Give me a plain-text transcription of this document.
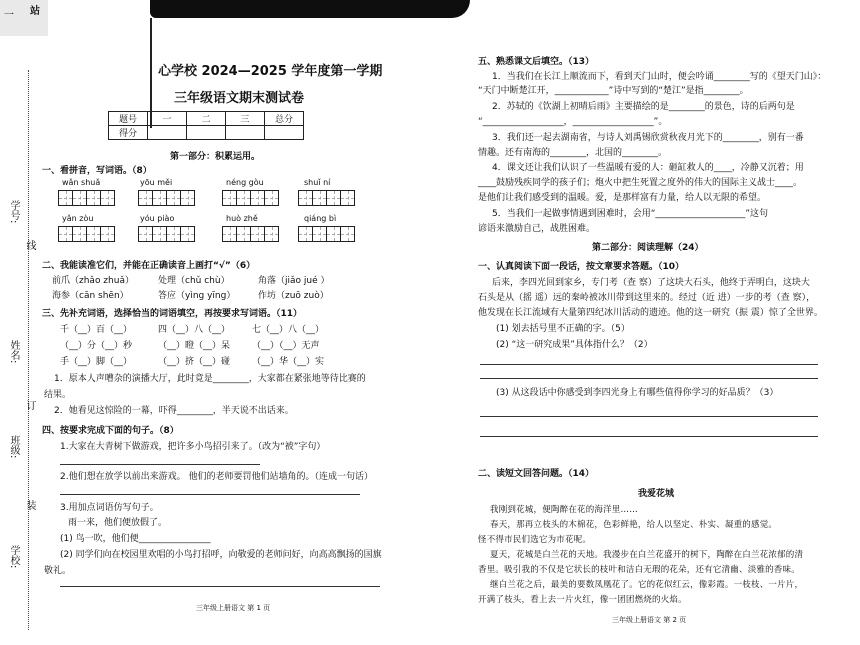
一 站
学号:
线
姓名:
订
班级:
装
学校:
心学校 2024—2025 学年度第一学期
三年级语文期末测试卷
题号	一	二	三	总分
得分				
第一部分：积累运用。
一、看拼音，写词语。（8）
wǎn shuǎ	yōu měi	néng gòu	shuǐ ní
yǎn zòu	yóu piào	huò zhě	qiáng bì
二、我能读准它们，并能在正确读音上画打“√”（6）
前爪（zhǎo zhuǎ）	处理（chǔ chù）	角落（jiǎo jué ）
海参（cān shēn）	答应（yìng yīng）	作坊（zuō zuò）
三、先补充词语，选择恰当的词语填空，再按要求写词语。（11）
千（__）百（__）	四（__）八（__） 七（__）八（__）
（__）分（__）秒	（__）瞪（__）呆 （__）（__）无声
手（__）脚（__）	（__）挤（__）碰 （__）华（__）实
1．原本人声嘈杂的演播大厅，此时竟是________，大家都在紧张地等待比赛的
结果。
2．她看见这惊险的一幕，吓得________，半天说不出话来。
四、按要求完成下面的句子。（8）
1.大家在大青树下做游戏，把许多小鸟招引来了。（改为“被”字句）
2.他们想在放学以前出来游戏。 他们的老师要罚他们站墙角的。（连成一句话）
3.用加点词语仿写句子。
雨一来，他们便放假了。
(1) 鸟一吹，他们便________________
(2) 同学们向在校园里欢唱的小鸟打招呼，向敬爱的老师问好，向高高飘扬的国旗
敬礼。
三年级上册语文 第 1 页
五、熟悉课文后填空。（13）
1．当我们在长江上顺流而下，看到天门山时，便会吟诵________写的《望天门山》：
“天门中断楚江开，____________”诗中写到的“楚江”是指________。
2．苏轼的《饮湖上初晴后雨》主要描绘的是________的景色，诗的后两句是
“__________________，__________________”。
3．我们还一起去湖南省，与诗人刘禹锡欣赏秋夜月光下的________，别有一番
情趣。还有南海的________，北国的________。
4．课文还让我们认识了一些温暖有爱的人：砸缸救人的____，冷静又沉着；用
____鼓励残疾同学的孩子们；炮火中把生死置之度外的伟大的国际主义战士____。
是他们让我们感受到的温暖。爱，是那样富有力量，给人以无限的希望。
5．当我们一起做事情遇到困难时，会用“____________________”这句
谚语来激励自己，战胜困难。
第二部分：阅读理解（24）
一、认真阅读下面一段话，按文章要求答题。（10）
后来，李四光回到家乡，专门考（查 察）了这块大石头，他终于弄明白，这块大
石头是从（摇 遥）远的秦岭被冰川带到这里来的。经过（近 进）一步的考（查 察），
他发现在长江流域有大量第四纪冰川活动的遗迹。他的这一研究（振 震）惊了全世界。
(1) 划去括号里不正确的字。（5）
(2) “这一研究成果”具体指什么？（2）
(3) 从这段话中你感受到李四光身上有哪些值得你学习的好品质？（3）
二、读短文回答问题。（14）
我爱花城
我刚到花城，便陶醉在花的海洋里……
春天，那再立枝头的木棉花，色彩鲜艳，给人以坚定、朴实、凝重的感觉。
怪不得市民们选它为市花呢。
夏天，花城是白兰花的天地。我漫步在白兰花盛开的树下，陶醉在白兰花浓郁的清
香里。吸引我的不仅是它状长的枝叶和洁白无瑕的花朵，还有它清幽、淡雅的香味。
继白兰花之后，最美的要数凤凰花了。它的花似红云，像彩霞。一枝枝、一片片，
开满了枝头，看上去一片火红，像一团团燃烧的火焰。
三年级上册语文 第 2 页
